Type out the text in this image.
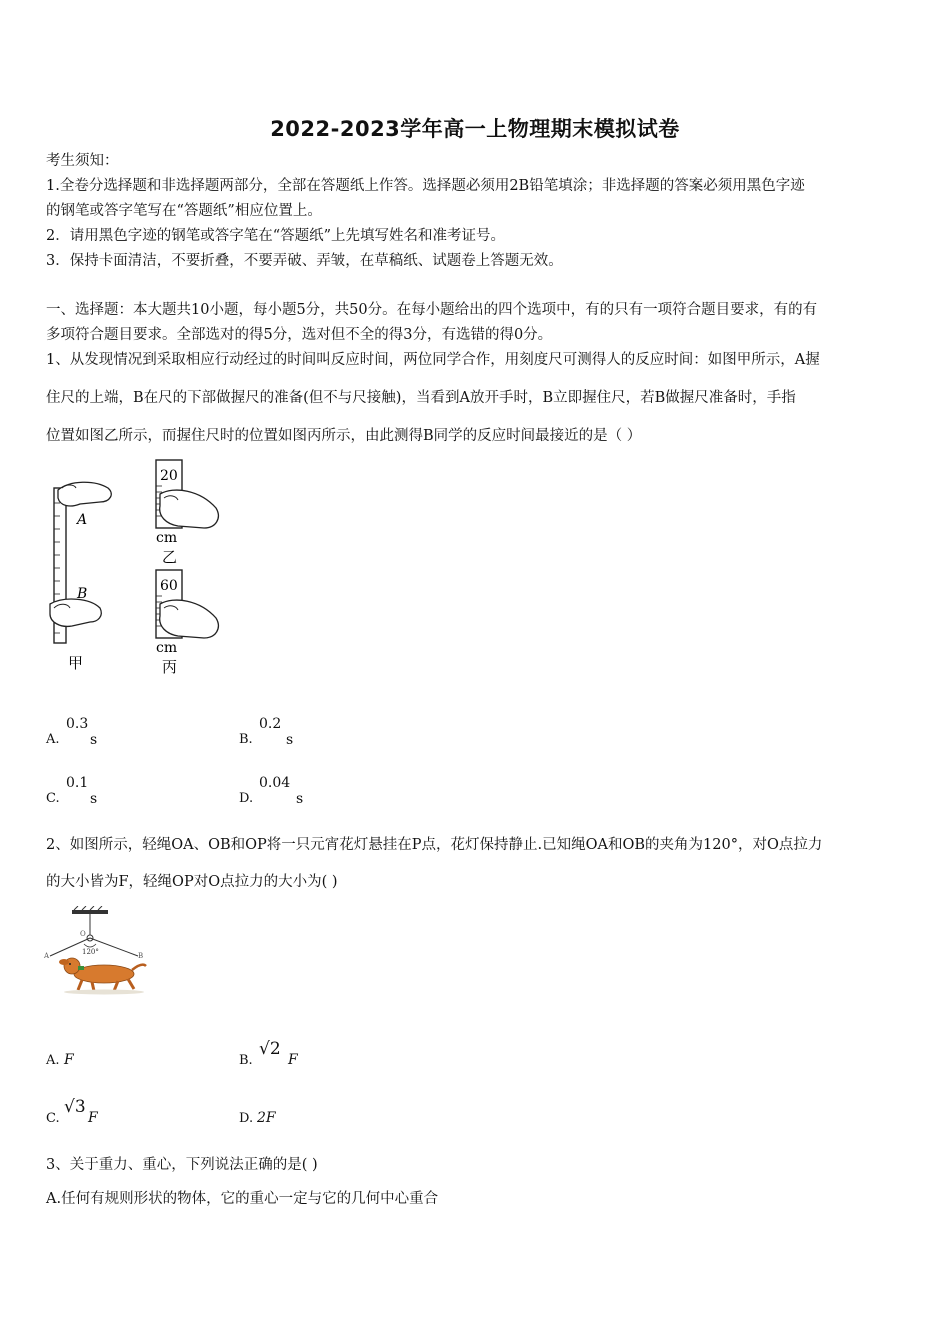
2022-2023学年高一上物理期末模拟试卷
考生须知：
1.全卷分选择题和非选择题两部分，全部在答题纸上作答。选择题必须用2B铅笔填涂；非选择题的答案必须用黑色字迹
的钢笔或答字笔写在“答题纸”相应位置上。
2．请用黑色字迹的钢笔或答字笔在“答题纸”上先填写姓名和准考证号。
3．保持卡面清洁，不要折叠，不要弄破、弄皱，在草稿纸、试题卷上答题无效。
一、选择题：本大题共10小题，每小题5分，共50分。在每小题给出的四个选项中，有的只有一项符合题目要求，有的有
多项符合题目要求。全部选对的得5分，选对但不全的得3分，有选错的得0分。
1、从发现情况到采取相应行动经过的时间叫反应时间，两位同学合作，用刻度尺可测得人的反应时间：如图甲所示，A握
住尺的上端，B在尺的下部做握尺的准备(但不与尺接触)，当看到A放开手时，B立即握住尺，若B做握尺准备时，手指
位置如图乙所示，而握住尺时的位置如图丙所示，由此测得B同学的反应时间最接近的是（ ）
A
B
甲
20
cm
乙
60
cm
丙
A.
0.3
s	B.
0.2
s
C.
0.1
s	D.
0.04
s
2、如图所示，轻绳OA、OB和OP将一只元宵花灯悬挂在P点，花灯保持静止.已知绳OA和OB的夹角为120°，对O点拉力
的大小皆为F，轻绳OP对O点拉力的大小为( )
O
A	B
120°
A. F	B.
√2
F
C.
√3
F	D. 2F
3、关于重力、重心，下列说法正确的是( )
A.任何有规则形状的物体，它的重心一定与它的几何中心重合
